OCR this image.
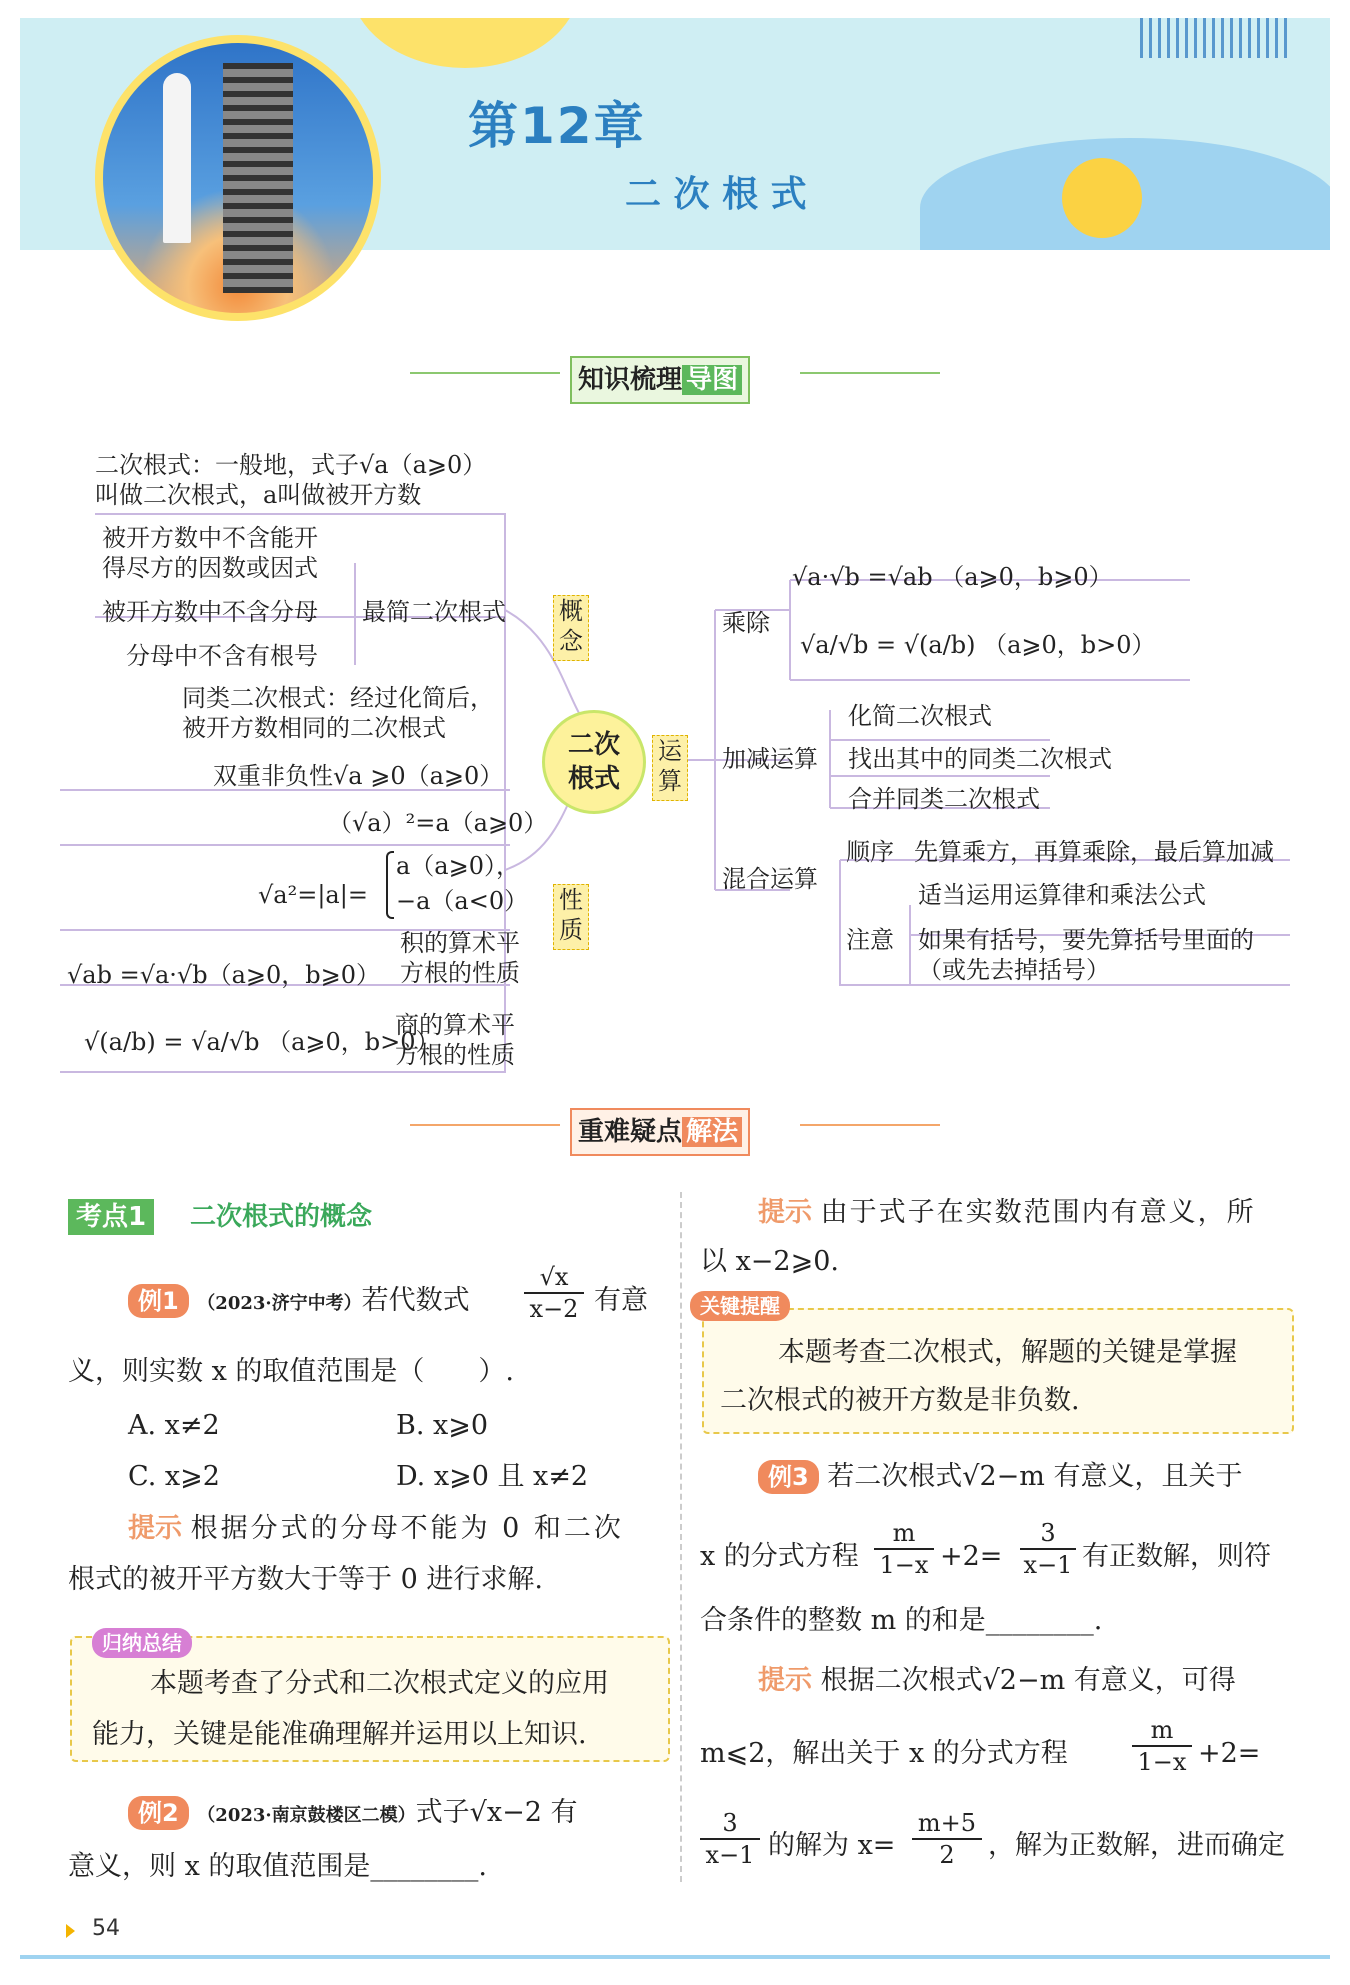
第12章
二 次 根 式
知识梳理 导图
二次
根式
二次根式：一般地，式子√a（a⩾0）
叫做二次根式，a叫做被开方数
被开方数中不含能开
得尽方的因数或因式
被开方数中不含分母
分母中不含有根号
最简二次根式
同类二次根式：经过化简后，
被开方数相同的二次根式
概念
双重非负性√a ⩾0（a⩾0）
（√a）²=a（a⩾0）
√a²=|a|=
a（a⩾0），
−a（a<0）
√ab =√a·√b（a⩾0，b⩾0）
积的算术平
方根的性质
√(a/b) = √a/√b （a⩾0，b>0）
商的算术平
方根的性质
性质
运算
乘除
√a·√b =√ab （a⩾0，b⩾0）
√a/√b = √(a/b) （a⩾0，b>0）
加减运算
化简二次根式
找出其中的同类二次根式
合并同类二次根式
混合运算
顺序 先算乘方，再算乘除，最后算加减
注意
适当运用运算律和乘法公式
如果有括号，要先算括号里面的
（或先去掉括号）
重难疑点 解法
考点1	二次根式的概念
例1 （2023·济宁中考）若代数式 $\frac{√x}{x-2}$ 有意
义，则实数 x 的取值范围是（　　）.
A. x≠2	B. x⩾0
C. x⩾2	D. x⩾0 且 x≠2
提示 根据分式的分母不能为 0 和二次
根式的被开平方数大于等于 0 进行求解.
归纳总结
本题考查了分式和二次根式定义的应用
能力，关键是能准确理解并运用以上知识.
例2 （2023·南京鼓楼区二模）式子√x−2 有
意义，则 x 的取值范围是________.
提示 由于式子在实数范围内有意义，所
以 x−2⩾0.
关键提醒
本题考查二次根式，解题的关键是掌握
二次根式的被开方数是非负数.
例3 若二次根式√2−m 有意义，且关于
x 的分式方程 $\frac{m}{1-x} +2= \frac{3}{x-1}$ 有正数解，则符
合条件的整数 m 的和是________.
提示 根据二次根式√2−m 有意义，可得
m⩽2，解出关于 x 的分式方程	$\frac{m}{1-x} +2=$
$\frac{3}{x-1}$ 的解为 $x= \frac{m+5}{2}$ ，解为正数解，进而确定
54
